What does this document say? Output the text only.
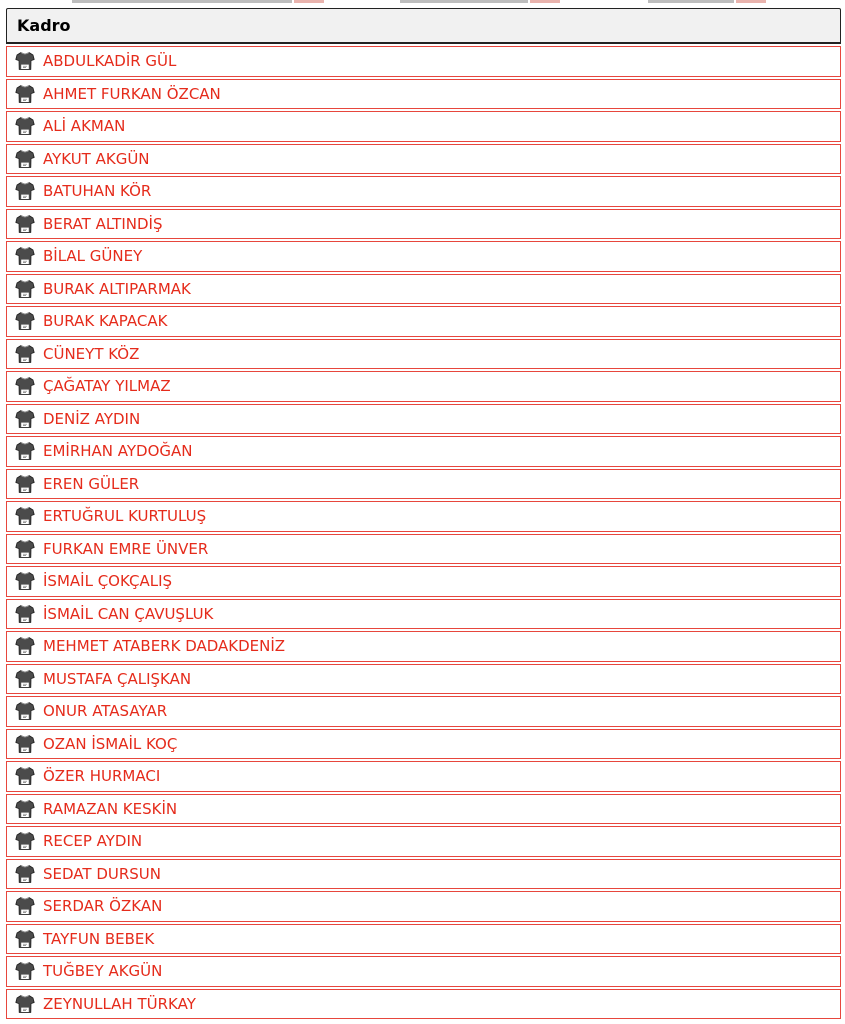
Kadro
ABDULKADİR GÜL
AHMET FURKAN ÖZCAN
ALİ AKMAN
AYKUT AKGÜN
BATUHAN KÖR
BERAT ALTINDİŞ
BİLAL GÜNEY
BURAK ALTIPARMAK
BURAK KAPACAK
CÜNEYT KÖZ
ÇAĞATAY YILMAZ
DENİZ AYDIN
EMİRHAN AYDOĞAN
EREN GÜLER
ERTUĞRUL KURTULUŞ
FURKAN EMRE ÜNVER
İSMAİL ÇOKÇALIŞ
İSMAİL CAN ÇAVUŞLUK
MEHMET ATABERK DADAKDENİZ
MUSTAFA ÇALIŞKAN
ONUR ATASAYAR
OZAN İSMAİL KOÇ
ÖZER HURMACI
RAMAZAN KESKİN
RECEP AYDIN
SEDAT DURSUN
SERDAR ÖZKAN
TAYFUN BEBEK
TUĞBEY AKGÜN
ZEYNULLAH TÜRKAY
